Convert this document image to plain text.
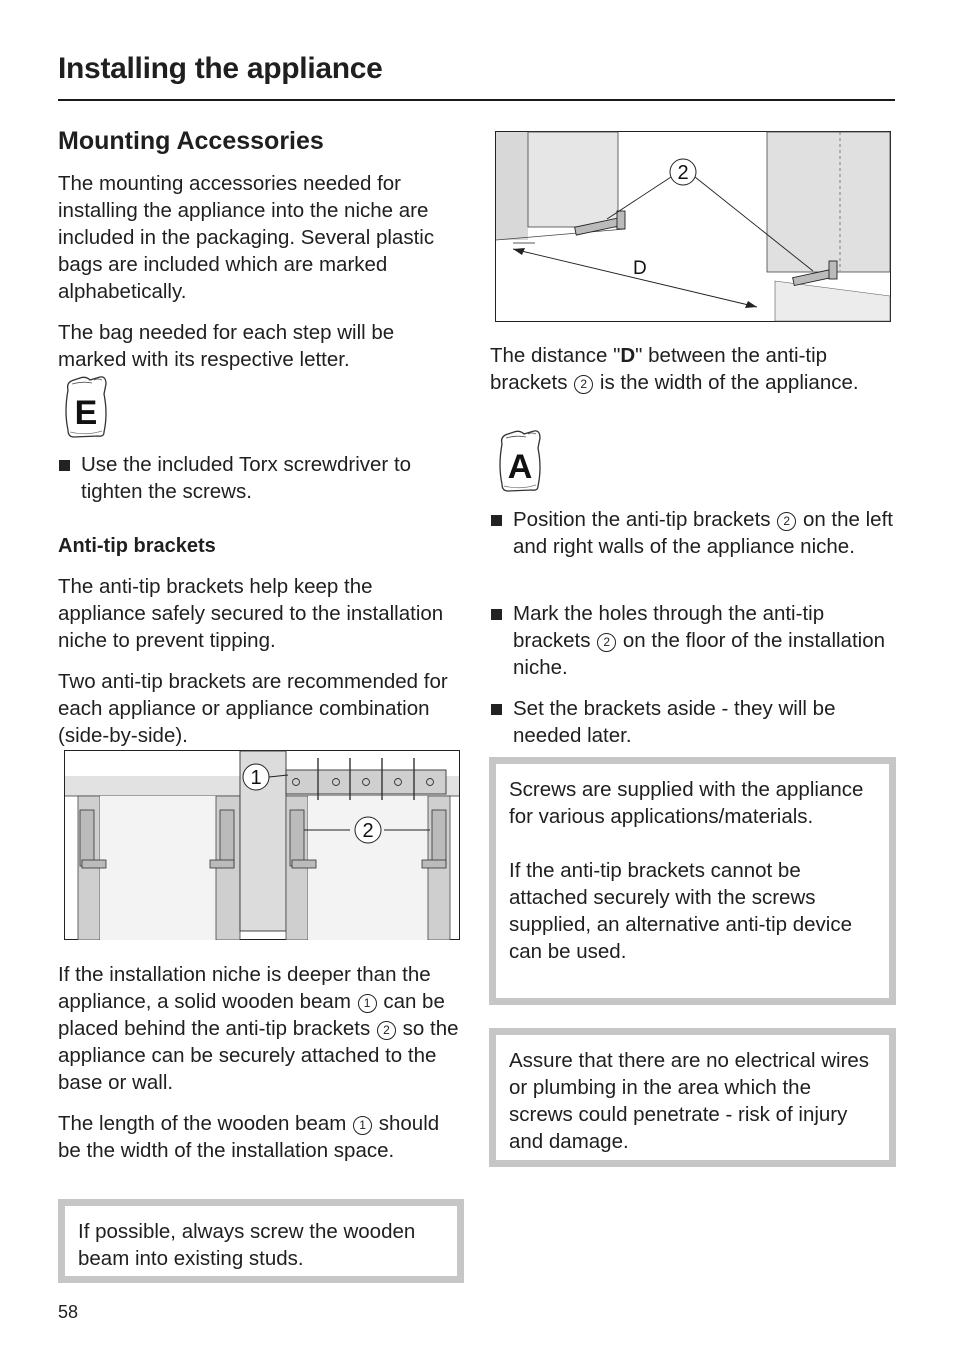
Installing the appliance
Mounting Accessories

The mounting accessories needed for installing the appliance into the niche are included in the packaging. Several plastic bags are included which are marked alphabetically.

The bag needed for each step will be marked with its respective letter.

E
Use the included Torx screwdriver to tighten the screws.
Anti-tip brackets

The anti-tip brackets help keep the appliance safely secured to the installation niche to prevent tipping.

Two anti-tip brackets are recommended for each appliance or appliance combination (side-by-side).

1
2

If the installation niche is deeper than the appliance, a solid wooden beam 1 can be placed behind the anti-tip brackets 2 so the appliance can be securely attached to the base or wall.

The length of the wooden beam 1 should be the width of the installation space.

If possible, always screw the wooden beam into existing studs.

D
2

The distance "D" between the anti-tip brackets 2 is the width of the appliance.

A
Position the anti-tip brackets 2 on the left and right walls of the appliance niche.
Mark the holes through the anti-tip brackets 2 on the floor of the installation niche.
Set the brackets aside - they will be needed later.

Screws are supplied with the appliance for various applications/materials.

If the anti-tip brackets cannot be attached securely with the screws supplied, an alternative anti-tip device can be used.

Assure that there are no electrical wires or plumbing in the area which the screws could penetrate - risk of injury and damage.

58
